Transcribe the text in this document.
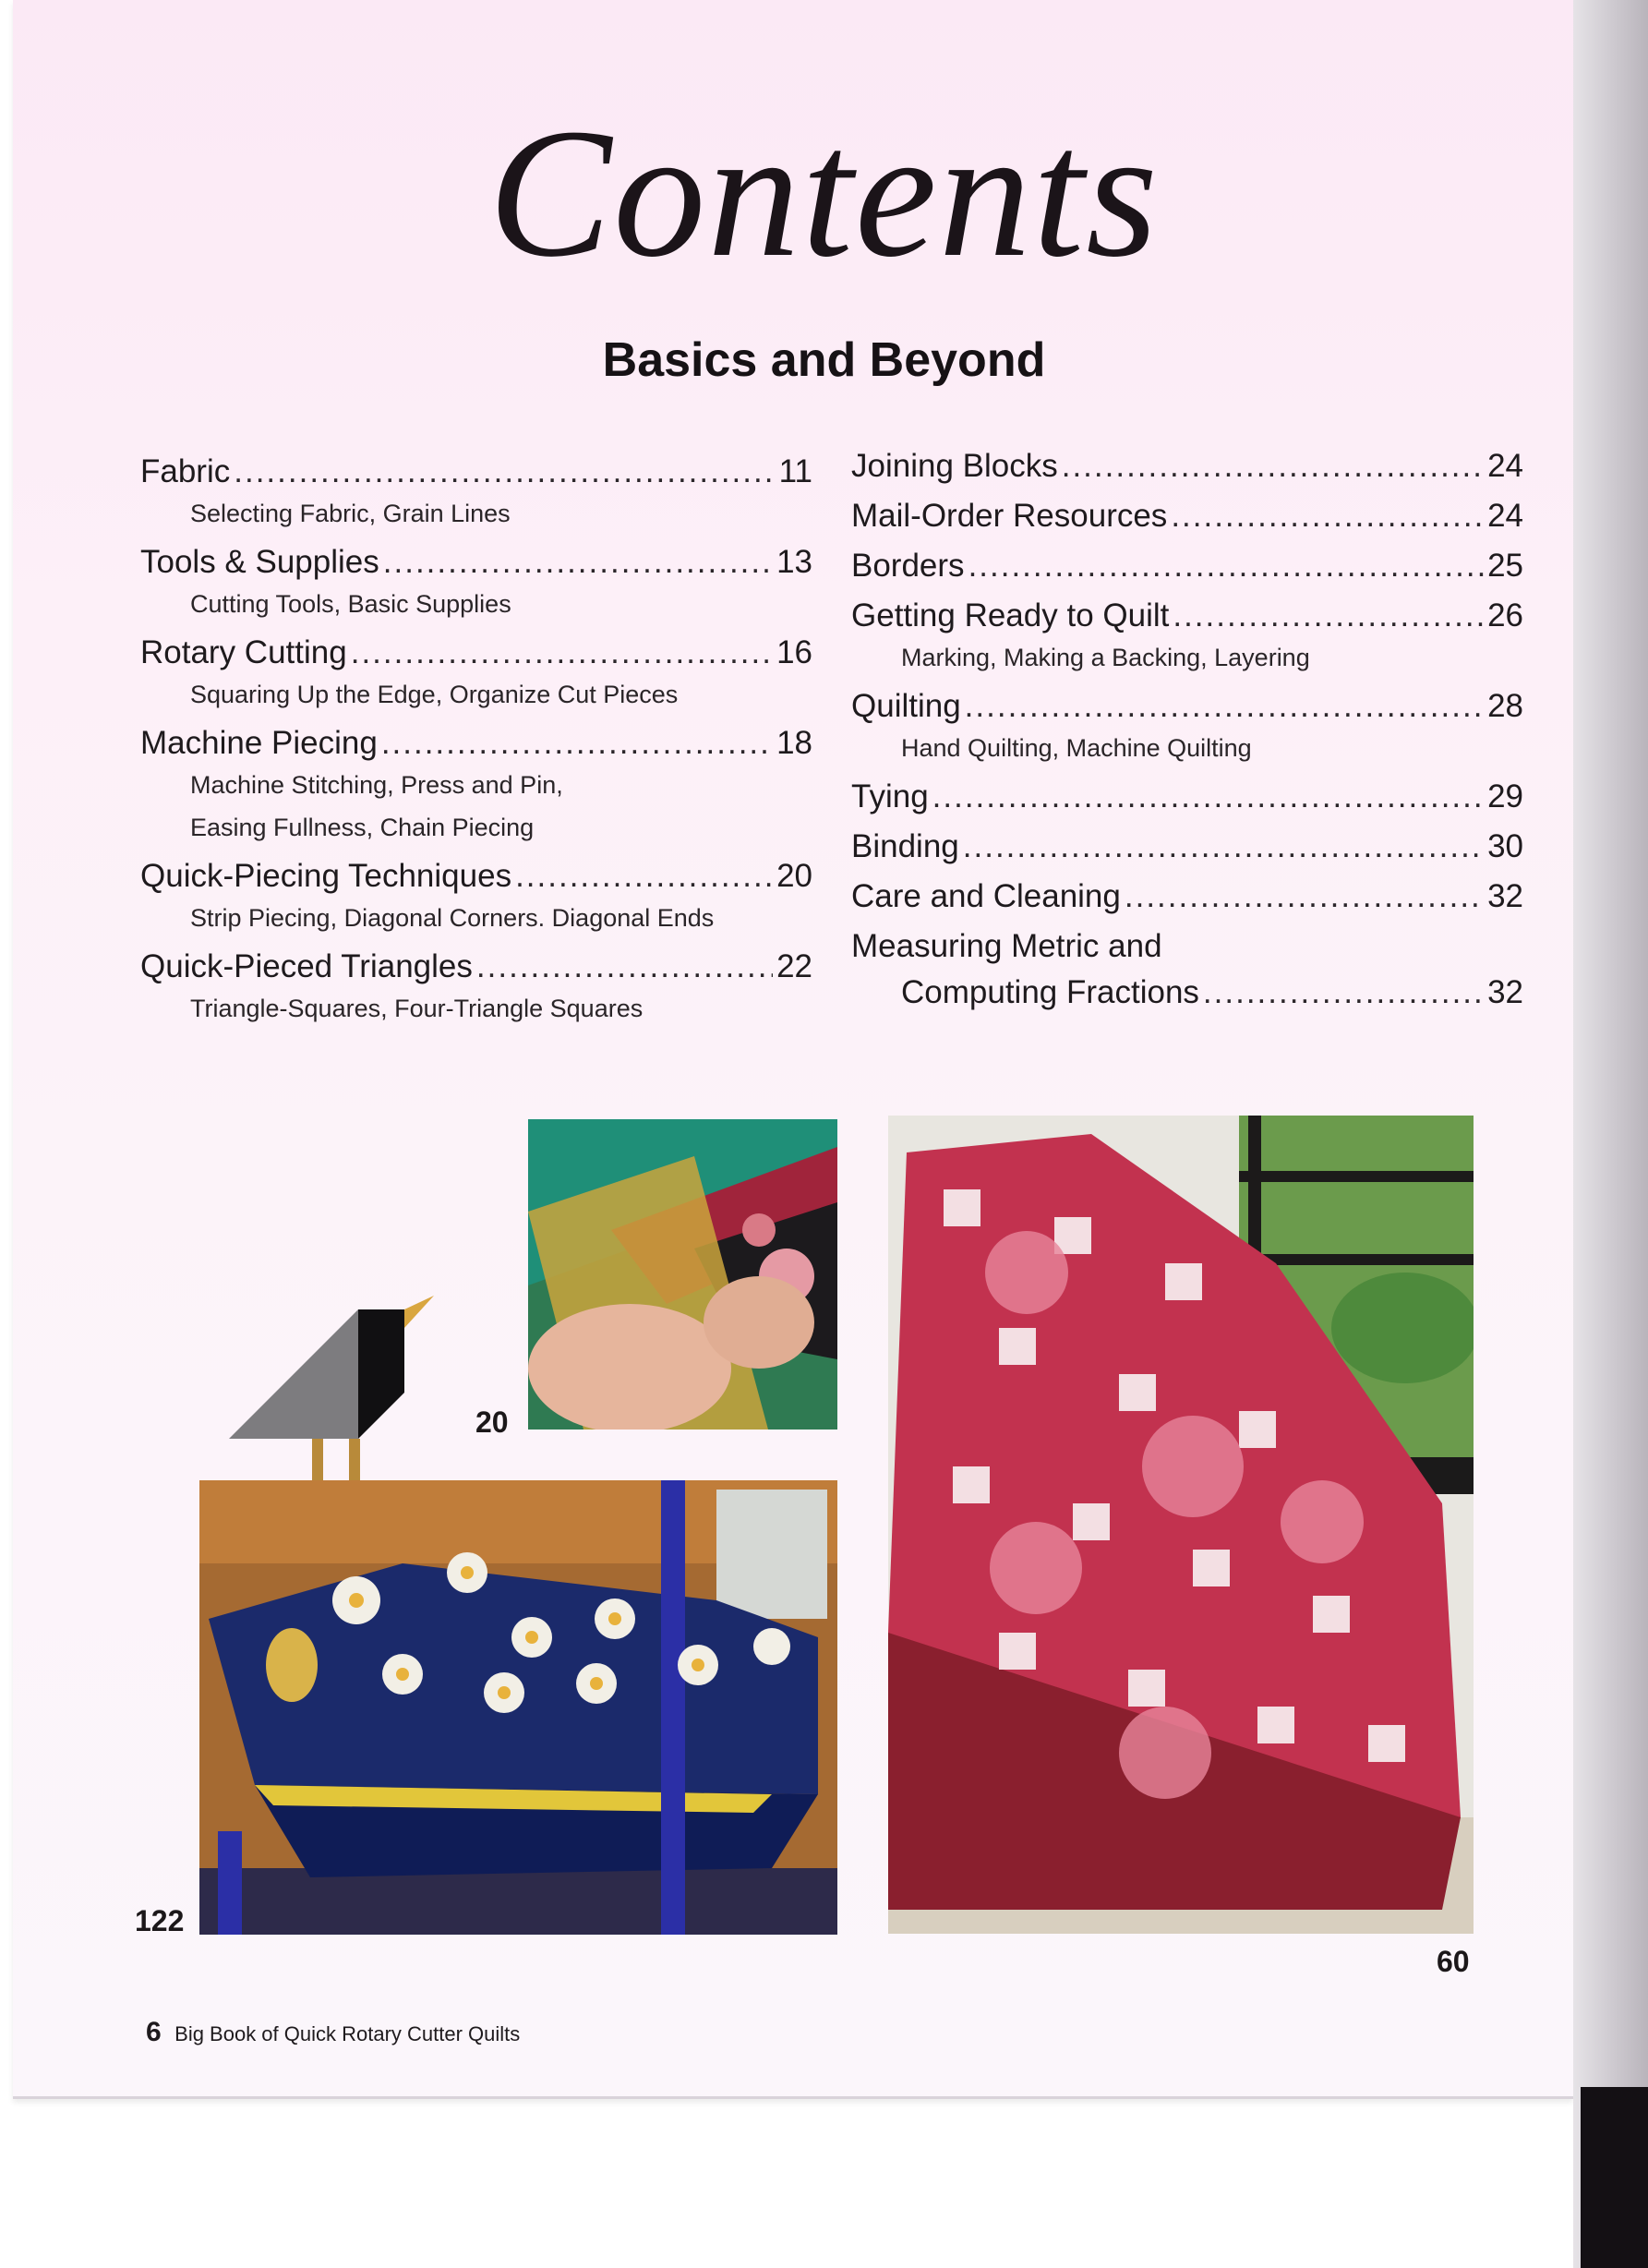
Contents
Basics and Beyond
Fabric .....	11
Selecting Fabric, Grain Lines
Tools & Supplies .....	13
Cutting Tools, Basic Supplies
Rotary Cutting .....	16
Squaring Up the Edge, Organize Cut Pieces
Machine Piecing .....	18
Machine Stitching, Press and Pin,
Easing Fullness, Chain Piecing
Quick-Piecing Techniques .....	20
Strip Piecing, Diagonal Corners. Diagonal Ends
Quick-Pieced Triangles .....	22
Triangle-Squares, Four-Triangle Squares
Joining Blocks .....	24
Mail-Order Resources .....	24
Borders .....	25
Getting Ready to Quilt .....	26
Marking, Making a Backing, Layering
Quilting .....	28
Hand Quilting, Machine Quilting
Tying .....	29
Binding .....	30
Care and Cleaning .....	32
Measuring Metric and
Computing Fractions .....	32
20
122
60
6 Big Book of Quick Rotary Cutter Quilts
